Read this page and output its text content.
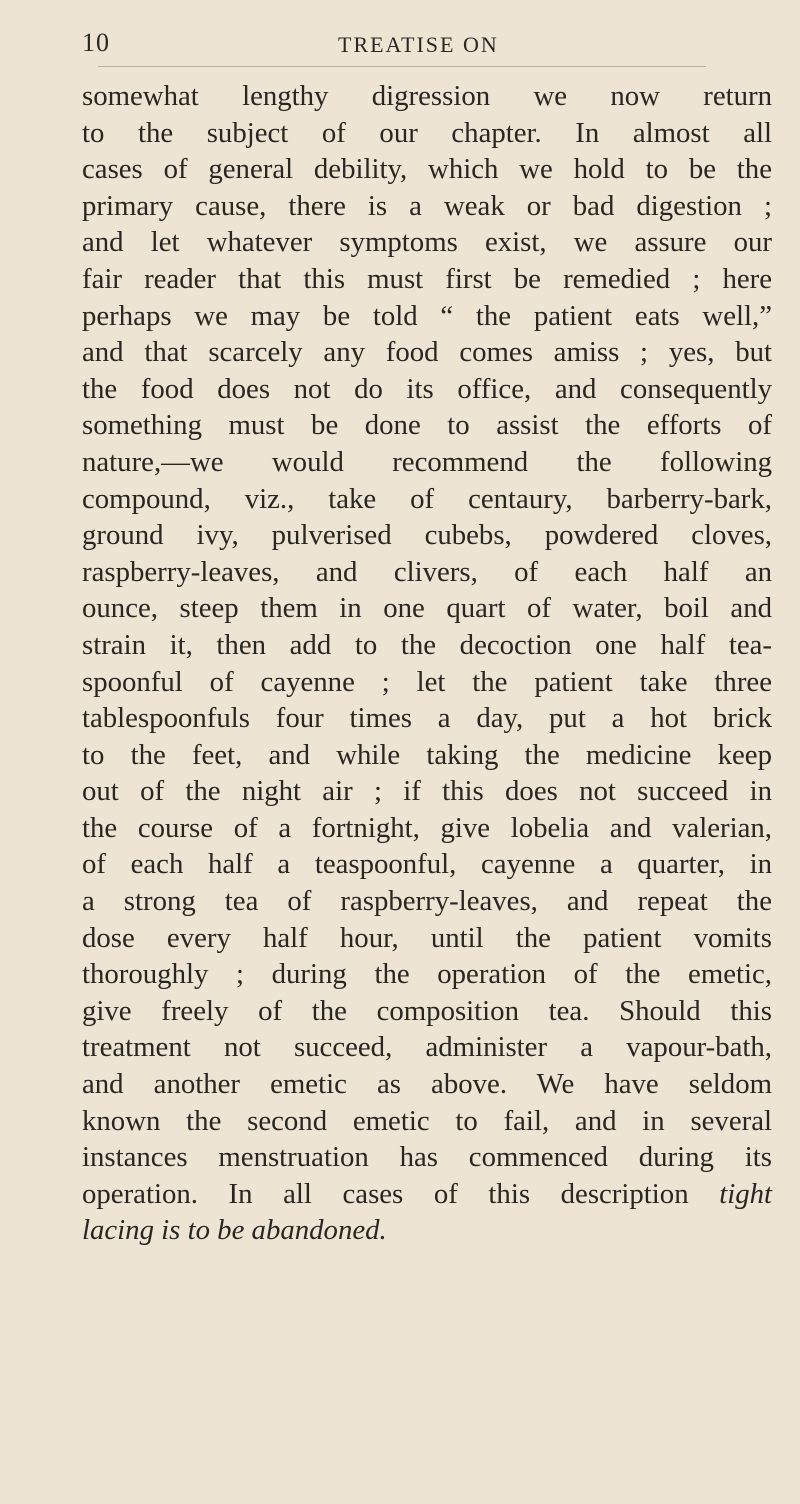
10	TREATISE ON
somewhat lengthy digression we now return
to the subject of our chapter. In almost all
cases of general debility, which we hold to be the
primary cause, there is a weak or bad digestion ;
and let whatever symptoms exist, we assure our
fair reader that this must first be remedied ; here
perhaps we may be told “ the patient eats well,”
and that scarcely any food comes amiss ; yes, but
the food does not do its office, and consequently
something must be done to assist the efforts of
nature,—we would recommend the following
compound, viz., take of centaury, barberry-bark,
ground ivy, pulverised cubebs, powdered cloves,
raspberry-leaves, and clivers, of each half an
ounce, steep them in one quart of water, boil and
strain it, then add to the decoction one half tea-
spoonful of cayenne ; let the patient take three
tablespoonfuls four times a day, put a hot brick
to the feet, and while taking the medicine keep
out of the night air ; if this does not succeed in
the course of a fortnight, give lobelia and valerian,
of each half a teaspoonful, cayenne a quarter, in
a strong tea of raspberry-leaves, and repeat the
dose every half hour, until the patient vomits
thoroughly ; during the operation of the emetic,
give freely of the composition tea. Should this
treatment not succeed, administer a vapour-bath,
and another emetic as above. We have seldom
known the second emetic to fail, and in several
instances menstruation has commenced during its
operation. In all cases of this description tight
lacing is to be abandoned.
